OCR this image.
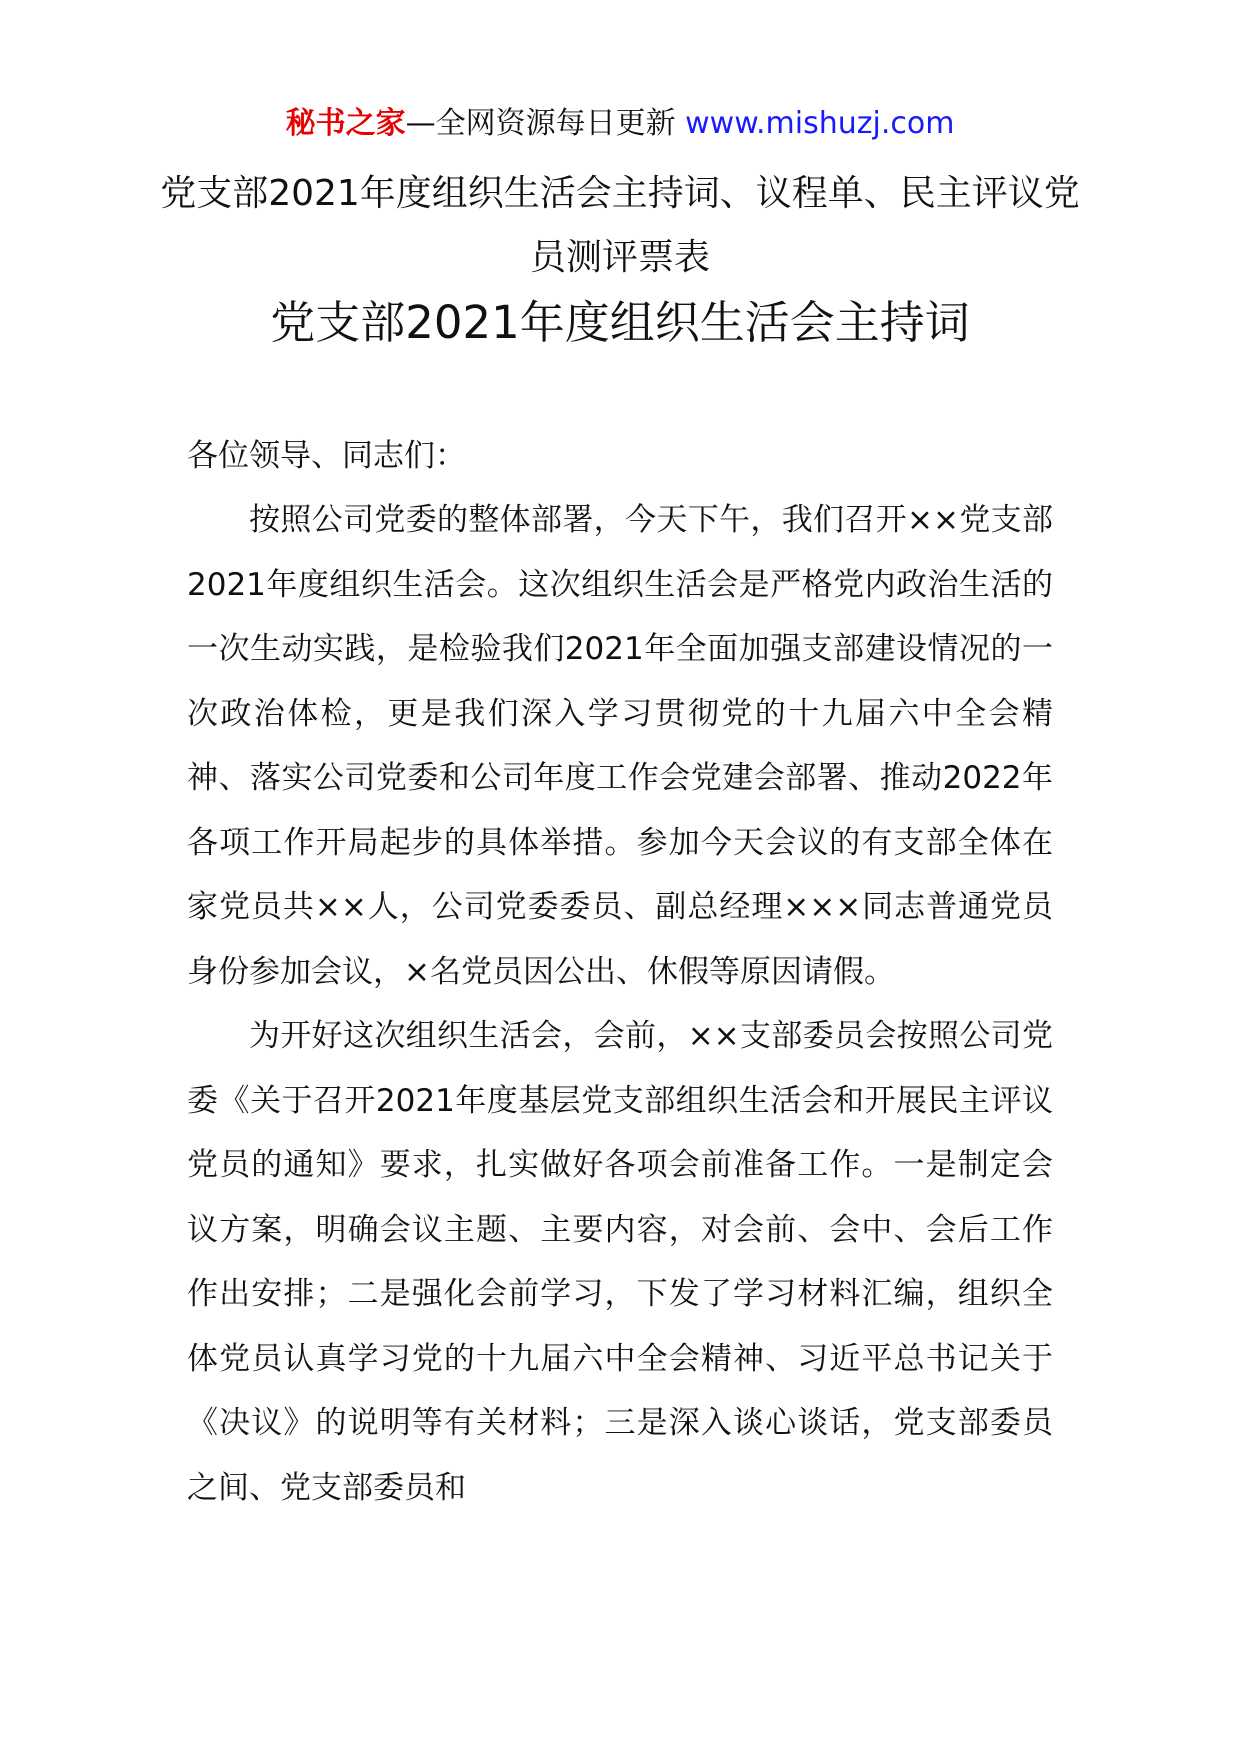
秘书之家—全网资源每日更新 www.mishuzj.com
党支部2021年度组织生活会主持词、议程单、民主评议党员测评票表
党支部2021年度组织生活会主持词
各位领导、同志们：

按照公司党委的整体部署，今天下午，我们召开××党支部2021年度组织生活会。这次组织生活会是严格党内政治生活的一次生动实践，是检验我们2021年全面加强支部建设情况的一次政治体检，更是我们深入学习贯彻党的十九届六中全会精神、落实公司党委和公司年度工作会党建会部署、推动2022年各项工作开局起步的具体举措。参加今天会议的有支部全体在家党员共××人，公司党委委员、副总经理×××同志普通党员身份参加会议，×名党员因公出、休假等原因请假。

为开好这次组织生活会，会前，××支部委员会按照公司党委《关于召开2021年度基层党支部组织生活会和开展民主评议党员的通知》要求，扎实做好各项会前准备工作。一是制定会议方案，明确会议主题、主要内容，对会前、会中、会后工作作出安排；二是强化会前学习，下发了学习材料汇编，组织全体党员认真学习党的十九届六中全会精神、习近平总书记关于《决议》的说明等有关材料；三是深入谈心谈话，党支部委员之间、党支部委员和
